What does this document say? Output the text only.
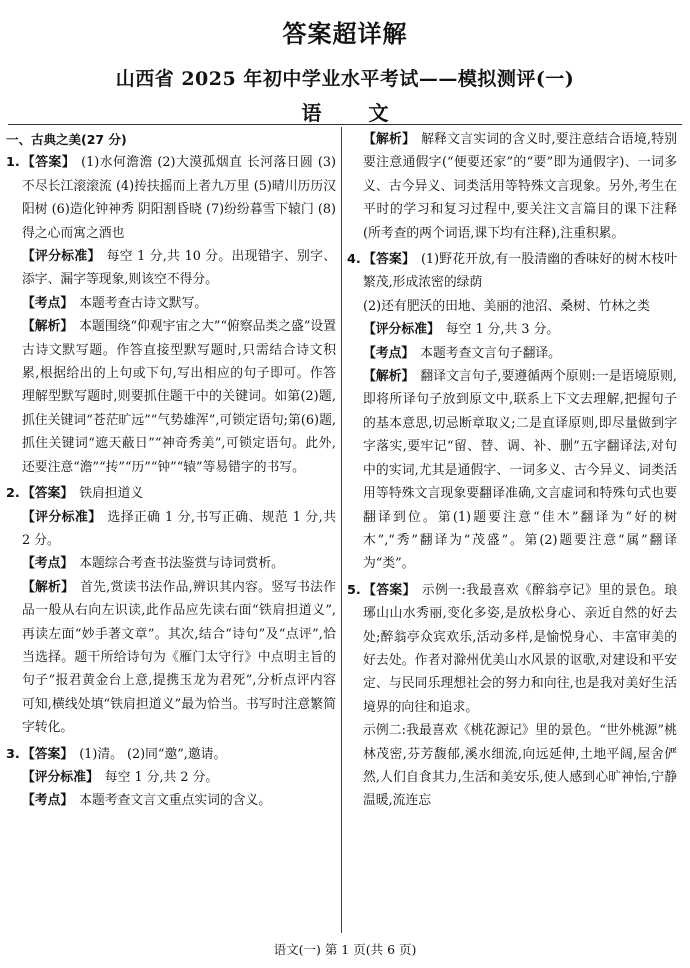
答案超详解
山西省 2025 年初中学业水平考试——模拟测评(一)
语 文
一、古典之美(27 分)
1. 【答案】 (1)水何澹澹 (2)大漠孤烟直 长河落日圆 (3)不尽长江滚滚流 (4)抟扶摇而上者九万里 (5)晴川历历汉阳树 (6)造化钟神秀 阴阳割昏晓 (7)纷纷暮雪下辕门 (8)得之心而寓之酒也
【评分标准】 每空 1 分,共 10 分。出现错字、别字、添字、漏字等现象,则该空不得分。
【考点】 本题考查古诗文默写。
【解析】 本题围绕“仰观宇宙之大”“俯察品类之盛”设置古诗文默写题。作答直接型默写题时,只需结合诗文积累,根据给出的上句或下句,写出相应的句子即可。作答理解型默写题时,则要抓住题干中的关键词。如第(2)题,抓住关键词“苍茫旷远”“气势雄浑”,可锁定语句;第(6)题,抓住关键词“遮天蔽日”“神奇秀美”,可锁定语句。此外,还要注意“澹”“抟”“历”“钟”“辕”等易错字的书写。
2. 【答案】 铁肩担道义
【评分标准】 选择正确 1 分,书写正确、规范 1 分,共 2 分。
【考点】 本题综合考查书法鉴赏与诗词赏析。
【解析】 首先,赏读书法作品,辨识其内容。竖写书法作品一般从右向左识读,此作品应先读右面“铁肩担道义”,再读左面“妙手著文章”。其次,结合“诗句”及“点评”,恰当选择。题干所给诗句为《雁门太守行》中点明主旨的句子“报君黄金台上意,提携玉龙为君死”,分析点评内容可知,横线处填“铁肩担道义”最为恰当。书写时注意繁简字转化。
3. 【答案】 (1)清。 (2)同“邀”,邀请。
【评分标准】 每空 1 分,共 2 分。
【考点】 本题考查文言文重点实词的含义。
【解析】 解释文言实词的含义时,要注意结合语境,特别要注意通假字(“便要还家”的“要”即为通假字)、一词多义、古今异义、词类活用等特殊文言现象。另外,考生在平时的学习和复习过程中,要关注文言篇目的课下注释(所考查的两个词语,课下均有注释),注重积累。
4. 【答案】 (1)野花开放,有一股清幽的香味好的树木枝叶繁茂,形成浓密的绿荫
(2)还有肥沃的田地、美丽的池沼、桑树、竹林之类
【评分标准】 每空 1 分,共 3 分。
【考点】 本题考查文言句子翻译。
【解析】 翻译文言句子,要遵循两个原则:一是语境原则,即将所译句子放到原文中,联系上下文去理解,把握句子的基本意思,切忌断章取义;二是直译原则,即尽量做到字字落实,要牢记“留、替、调、补、删”五字翻译法,对句中的实词,尤其是通假字、一词多义、古今异义、词类活用等特殊文言现象要翻译准确,文言虚词和特殊句式也要翻译到位。第(1)题要注意“佳木”翻译为“好的树木”,“秀”翻译为“茂盛”。第(2)题要注意“属”翻译为“类”。
5. 【答案】 示例一:我最喜欢《醉翁亭记》里的景色。琅琊山山水秀丽,变化多姿,是放松身心、亲近自然的好去处;醉翁亭众宾欢乐,活动多样,是愉悦身心、丰富审美的好去处。作者对滁州优美山水风景的讴歌,对建设和平安定、与民同乐理想社会的努力和向往,也是我对美好生活境界的向往和追求。
示例二:我最喜欢《桃花源记》里的景色。“世外桃源”桃林茂密,芬芳馥郁,溪水细流,向远延伸,土地平阔,屋舍俨然,人们自食其力,生活和美安乐,使人感到心旷神怡,宁静温暖,流连忘
语文(一) 第 1 页(共 6 页)
